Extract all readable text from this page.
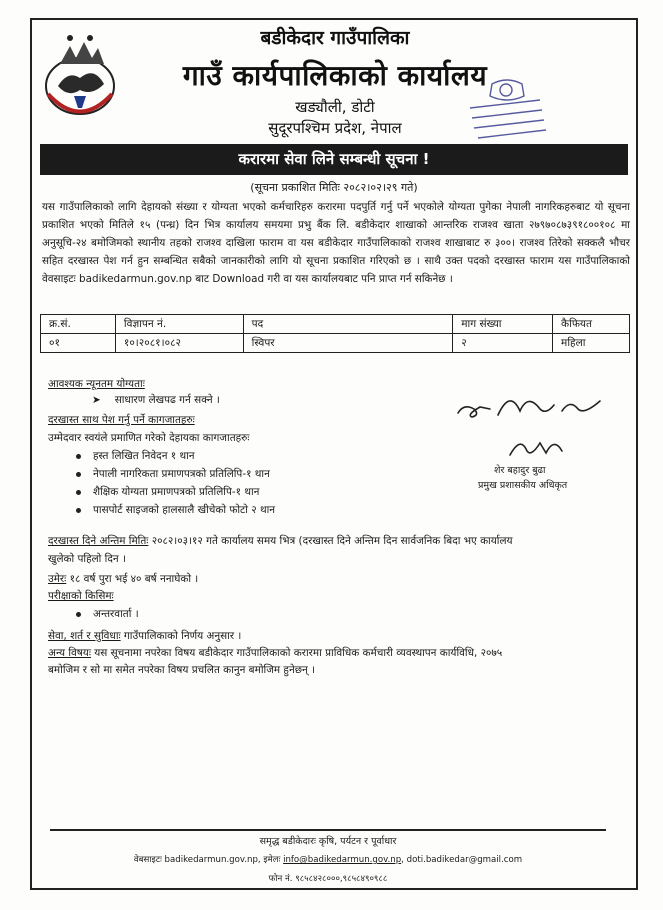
बडीकेदार गाउँपालिका
गाउँ कार्यपालिकाको कार्यालय
खड्यौली, डोटी
सुदूरपश्चिम प्रदेश, नेपाल
करारमा सेवा लिने सम्बन्धी सूचना !
(सूचना प्रकाशित मितिः २०८२।०२।२९ गते)
यस गाउँपालिकाको लागि देहायको संख्या र योग्यता भएको कर्मचारिहरु करारमा पदपुर्ति गर्नु पर्ने भएकोले योग्यता पुगेका नेपाली नागरिकहरुबाट यो सूचना प्रकाशित भएको मितिले १५ (पन्ध्र) दिन भित्र कार्यालय समयमा प्रभु बैंक लि. बडीकेदार शाखाको आन्तरिक राजश्व खाता २७९७०८७३९१८००१०८ मा अनुसूचि-२४ बमोजिमको स्थानीय तहको राजश्व दाखिला फाराम वा यस बडीकेदार गाउँपालिकाको राजश्व शाखाबाट रु ३००। राजश्व तिरेको सक्कलै भौचर सहित दरखास्त पेश गर्न हुन सम्बन्धित सबैको जानकारीको लागि यो सूचना प्रकाशित गरिएको छ । साथै उक्त पदको दरखास्त फाराम यस गाउँपालिकाको वेवसाइटः badikedarmun.gov.np बाट Download गरी वा यस कार्यालयबाट पनि प्राप्त गर्न सकिनेछ ।
क्र.सं.	विज्ञापन नं.	पद	माग संख्या	कैफियत
०१	१०।२०८१।०८२	स्विपर	२	महिला
आवश्यक न्यूनतम योग्यताः
➤ साधारण लेखपढ गर्न सक्ने ।
दरखास्त साथ पेश गर्नु पर्ने कागजातहरुः
उम्मेदवार स्वयंले प्रमाणित गरेको देहायका कागजातहरुः
हस्त लिखित निवेदन १ थान
नेपाली नागरिकता प्रमाणपत्रको प्रतिलिपि-१ थान
शैक्षिक योग्यता प्रमाणपत्रको प्रतिलिपि-१ थान
पासपोर्ट साइजको हालसालै खीचेको फोटो २ थान
शेर बहादुर बुढा
प्रमुख प्रशासकीय अधिकृत
दरखास्त दिने अन्तिम मितिः २०८२।०३।१२ गते कार्यालय समय भित्र (दरखास्त दिने अन्तिम दिन सार्वजनिक बिदा भए कार्यालय
खुलेको पहिलो दिन ।
उमेरः १८ वर्ष पुरा भई ४० बर्ष ननाघेको ।
परीक्षाको किसिमः
अन्तरवार्ता ।
सेवा, शर्त र सुविधाः गाउँपालिकाको निर्णय अनुसार ।
अन्य विषयः यस सूचनामा नपरेका विषय बडीकेदार गाउँपालिकाको करारमा प्राविधिक कर्मचारी व्यवस्थापन कार्यविधि, २०७५
बमोजिम र सो मा समेत नपरेका विषय प्रचलित कानुन बमोजिम हुनेछन् ।
समृद्ध बडीकेदारः कृषि, पर्यटन र पूर्वाधार
वेबसाइटः badikedarmun.gov.np, इमेलः info@badikedarmun.gov.np, doti.badikedar@gmail.com
फोन नं. ९८५८४२८०००,९८५८४९०९८८
